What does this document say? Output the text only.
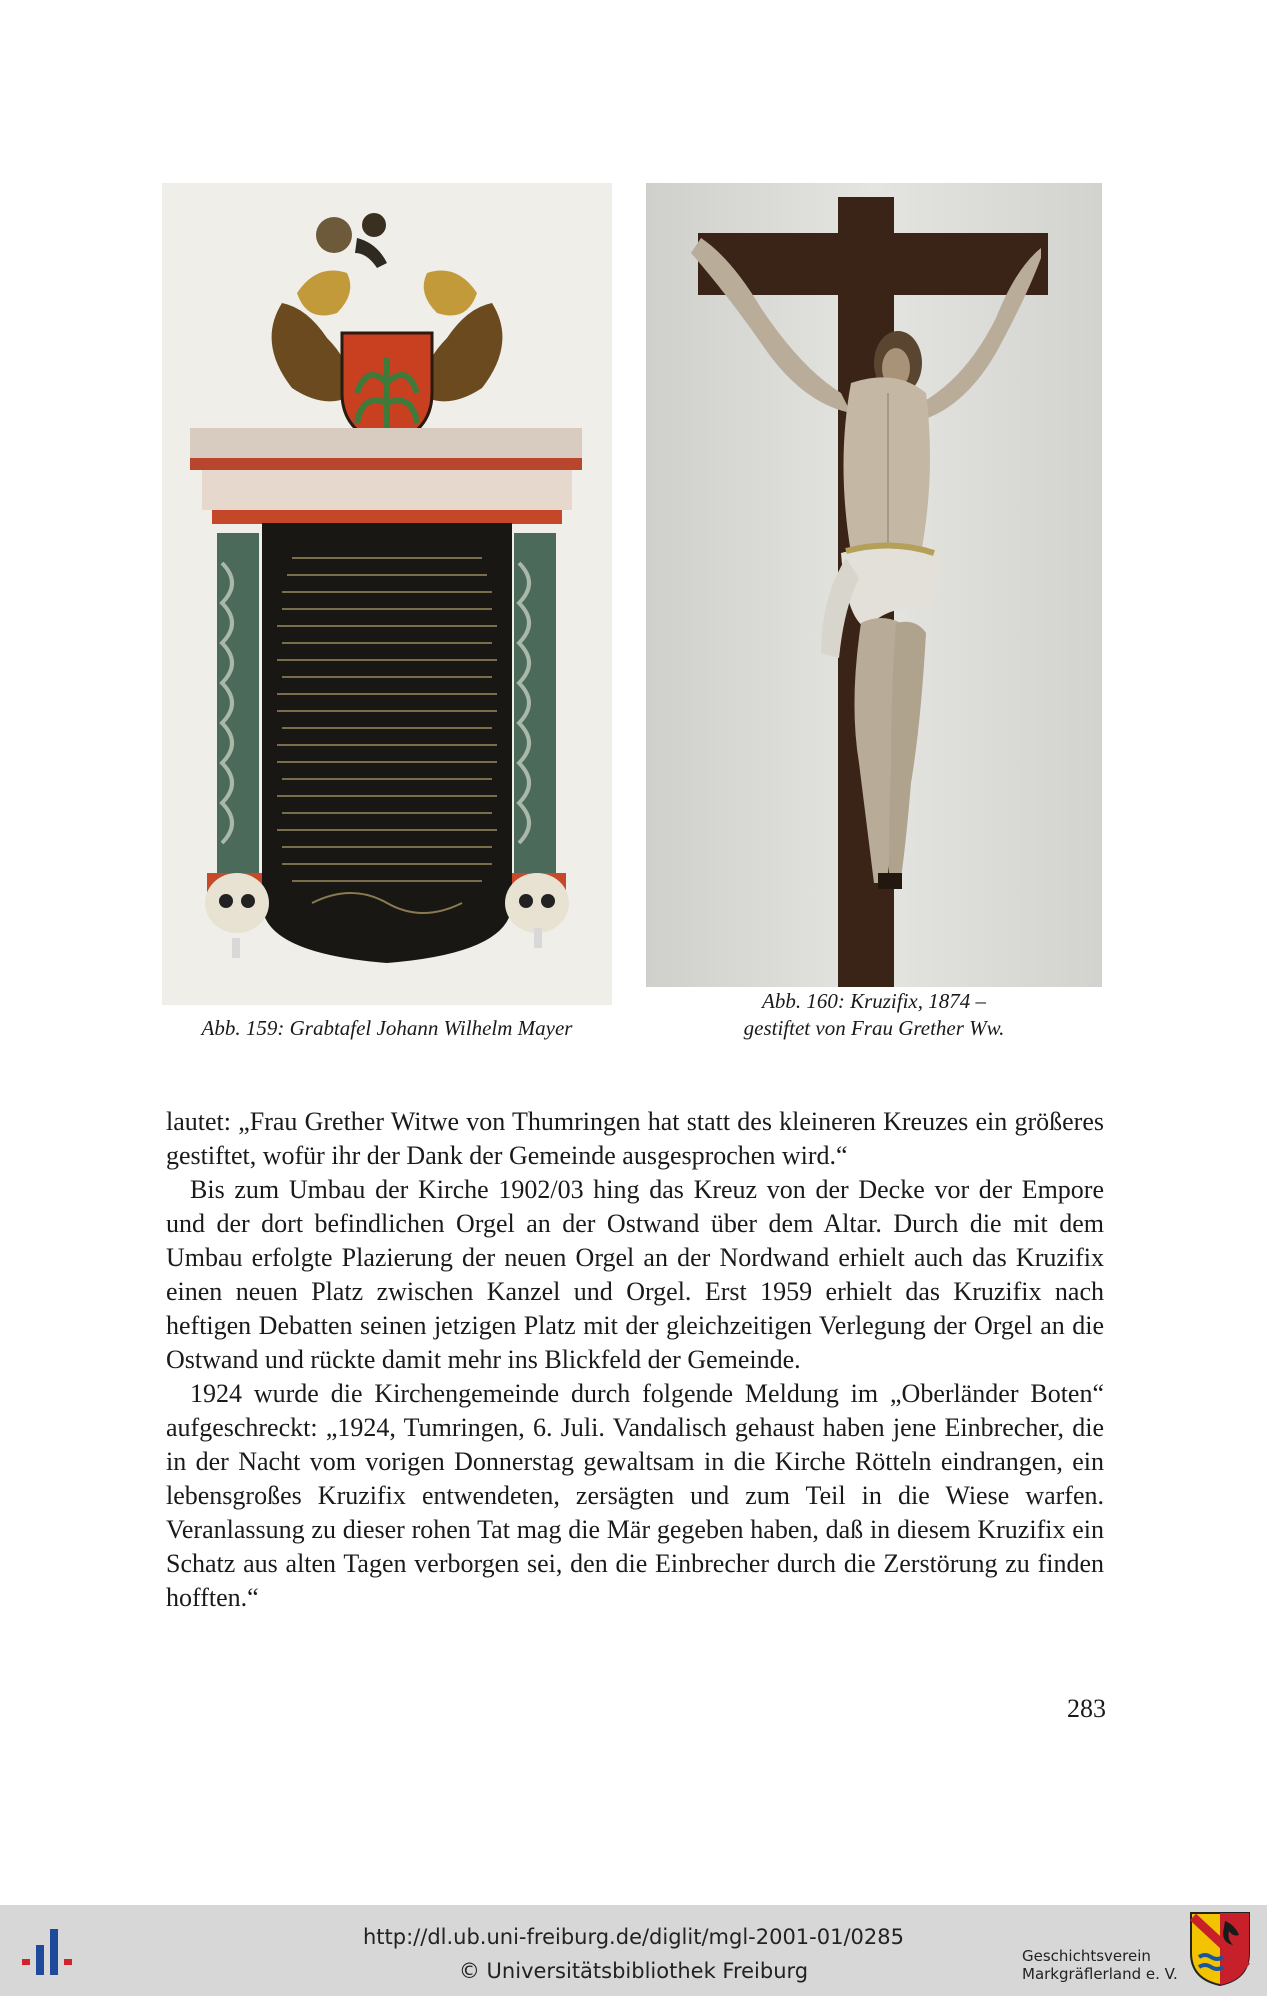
Abb. 159: Grabtafel Johann Wilhelm Mayer
Abb. 160: Kruzifix, 1874 –
gestiftet von Frau Grether Ww.

lautet: „Frau Grether Witwe von Thumringen hat statt des kleineren Kreuzes ein größeres gestiftet, wofür ihr der Dank der Gemeinde ausgesprochen wird.“

Bis zum Umbau der Kirche 1902/03 hing das Kreuz von der Decke vor der Empore und der dort befindlichen Orgel an der Ostwand über dem Altar. Durch die mit dem Umbau erfolgte Plazierung der neuen Orgel an der Nordwand erhielt auch das Kruzifix einen neuen Platz zwischen Kanzel und Orgel. Erst 1959 erhielt das Kruzifix nach heftigen Debatten seinen jetzigen Platz mit der gleichzeitigen Verlegung der Orgel an die Ostwand und rückte damit mehr ins Blickfeld der Gemeinde.

1924 wurde die Kirchengemeinde durch folgende Meldung im „Oberländer Boten“ aufgeschreckt: „1924, Tumringen, 6. Juli. Vandalisch gehaust haben jene Einbrecher, die in der Nacht vom vorigen Donnerstag gewaltsam in die Kirche Rötteln eindrangen, ein lebensgroßes Kruzifix entwendeten, zersägten und zum Teil in die Wiese warfen. Veranlassung zu dieser rohen Tat mag die Mär gegeben haben, daß in diesem Kruzifix ein Schatz aus alten Tagen verborgen sei, den die Einbrecher durch die Zerstörung zu finden hofften.“

283
http://dl.ub.uni-freiburg.de/diglit/mgl-2001-01/0285
© Universitätsbibliothek Freiburg
Geschichtsverein
Markgräflerland e. V.
